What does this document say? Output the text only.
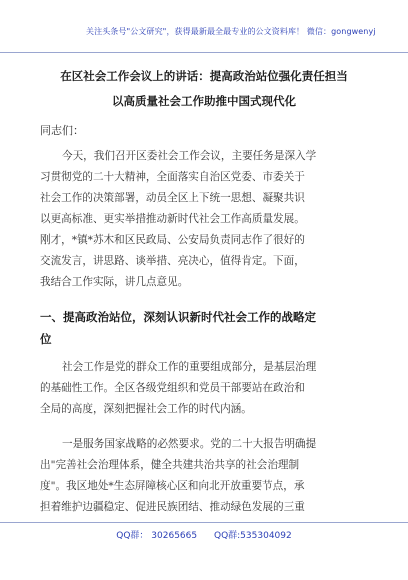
关注头条号"公文研究"，获得最新最全最专业的公文资料库！ 微信：gongwenyj
在区社会工作会议上的讲话：提高政治站位强化责任担当
以高质量社会工作助推中国式现代化
同志们：
今天，我们召开区委社会工作会议，主要任务是深入学
习贯彻党的二十大精神，全面落实自治区党委、市委关于
社会工作的决策部署，动员全区上下统一思想、凝聚共识
以更高标准、更实举措推动新时代社会工作高质量发展。
刚才，*镇*苏木和区民政局、公安局负责同志作了很好的
交流发言，讲思路、谈举措、亮决心，值得肯定。下面，
我结合工作实际，讲几点意见。
一、提高政治站位，深刻认识新时代社会工作的战略定
位
社会工作是党的群众工作的重要组成部分，是基层治理
的基础性工作。全区各级党组织和党员干部要站在政治和
全局的高度，深刻把握社会工作的时代内涵。
一是服务国家战略的必然要求。党的二十大报告明确提
出"完善社会治理体系，健全共建共治共享的社会治理制
度"。我区地处*生态屏障核心区和向北开放重要节点，承
担着维护边疆稳定、促进民族团结、推动绿色发展的三重
QQ群： 30265665 QQ群:535304092
